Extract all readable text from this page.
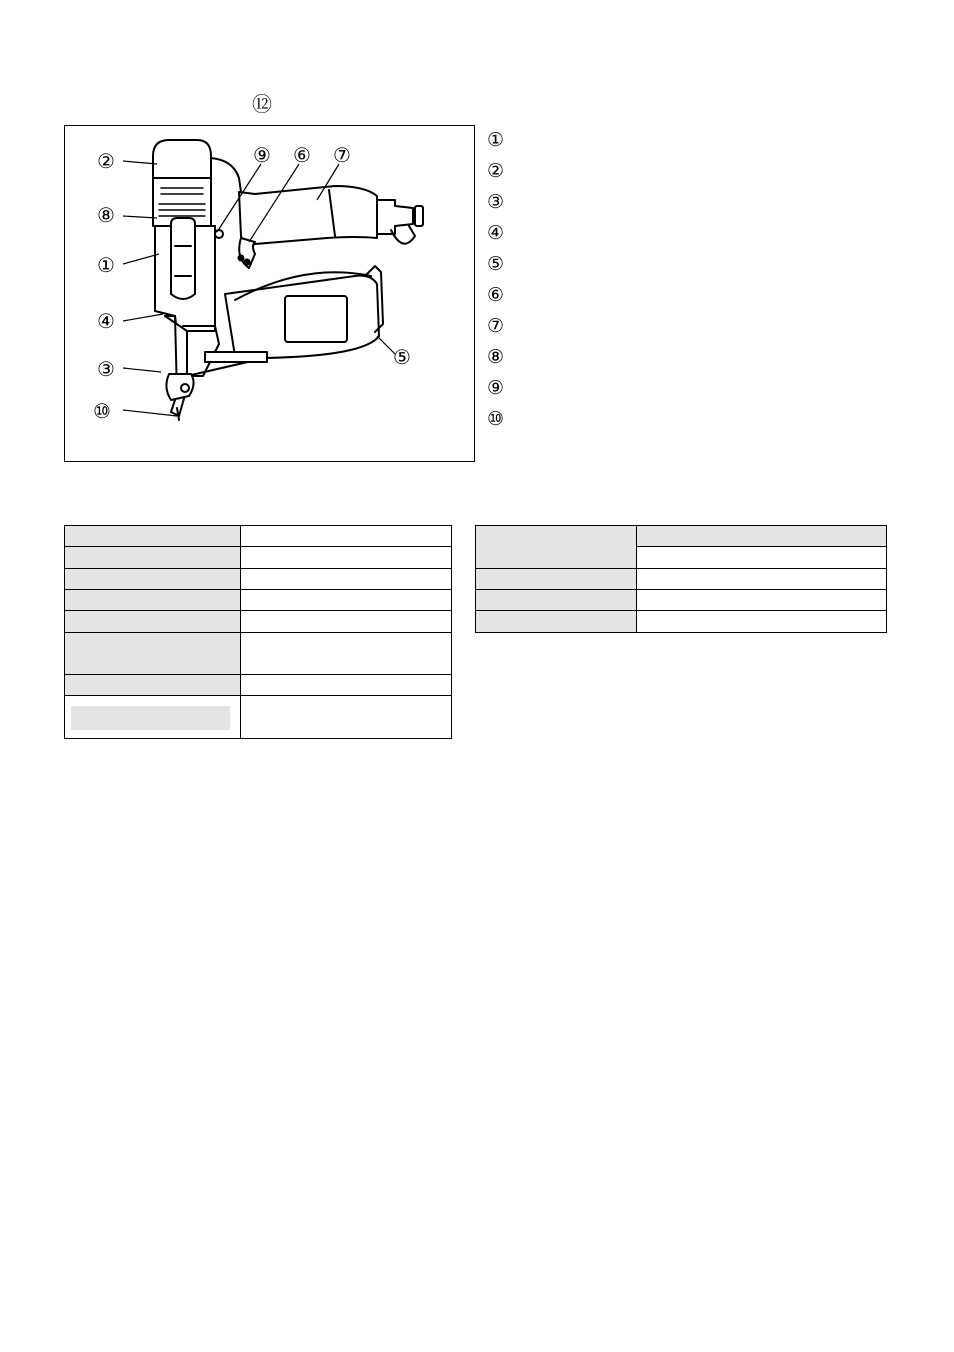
⑫
②	⑨ ⑥ ⑦
⑧
①
④
③	⑤
⑩
①
②
③
④
⑤
⑥
⑦
⑧
⑨
⑩
